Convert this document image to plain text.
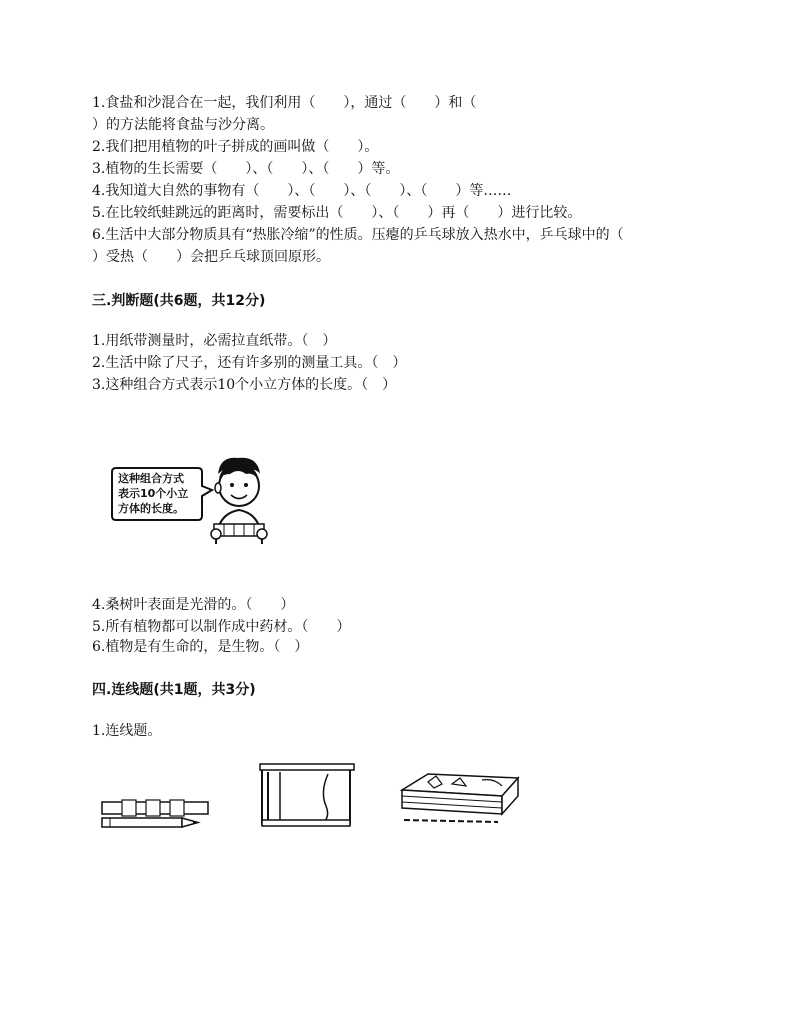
1.食盐和沙混合在一起，我们利用（　　），通过（　　）和（
）的方法能将食盐与沙分离。
2.我们把用植物的叶子拼成的画叫做（　　）。
3.植物的生长需要（　　）、（　　）、（　　）等。
4.我知道大自然的事物有（　　）、（　　）、（　　）、（　　）等……
5.在比较纸蛙跳远的距离时，需要标出（　　）、（　　）再（　　）进行比较。
6.生活中大部分物质具有“热胀冷缩”的性质。压瘪的乒乓球放入热水中，乒乓球中的（
）受热（　　）会把乒乓球顶回原形。
三.判断题(共6题，共12分)
1.用纸带测量时，必需拉直纸带。（　）
2.生活中除了尺子，还有许多别的测量工具。（　）
3.这种组合方式表示10个小立方体的长度。（　）
这种组合方式
表示10个小立
方体的长度。
4.桑树叶表面是光滑的。（　　）
5.所有植物都可以制作成中药材。（　　）
6.植物是有生命的，是生物。（　）
四.连线题(共1题，共3分)
1.连线题。
